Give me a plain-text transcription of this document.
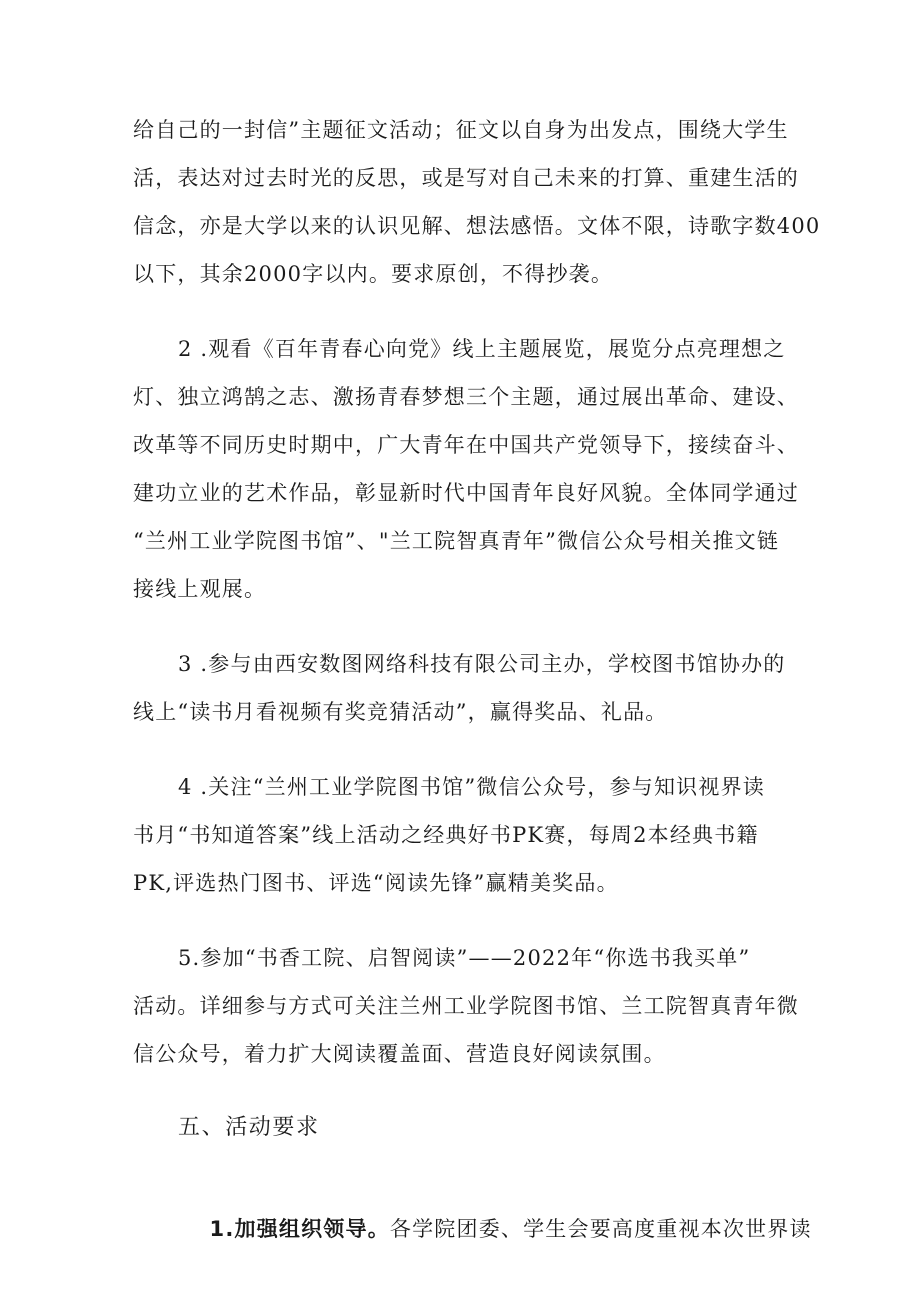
给自己的一封信”主题征文活动；征文以自身为出发点，围绕大学生
活，表达对过去时光的反思，或是写对自己未来的打算、重建生活的
信念，亦是大学以来的认识见解、想法感悟。文体不限，诗歌字数400
以下，其余2000字以内。要求原创，不得抄袭。
2 .观看《百年青春心向党》线上主题展览，展览分点亮理想之
灯、独立鸿鹄之志、激扬青春梦想三个主题，通过展出革命、建设、
改革等不同历史时期中，广大青年在中国共产党领导下，接续奋斗、
建功立业的艺术作品，彰显新时代中国青年良好风貌。全体同学通过
“兰州工业学院图书馆”、"兰工院智真青年”微信公众号相关推文链
接线上观展。
3 .参与由西安数图网络科技有限公司主办，学校图书馆协办的
线上“读书月看视频有奖竞猜活动”，赢得奖品、礼品。
4 .关注“兰州工业学院图书馆”微信公众号，参与知识视界读
书月“书知道答案”线上活动之经典好书PK赛，每周2本经典书籍
PK,评选热门图书、评选“阅读先锋”赢精美奖品。
5.参加“书香工院、启智阅读”——2022年“你选书我买单”
活动。详细参与方式可关注兰州工业学院图书馆、兰工院智真青年微
信公众号，着力扩大阅读覆盖面、营造良好阅读氛围。
五、活动要求

1.加强组织领导。各学院团委、学生会要高度重视本次世界读
